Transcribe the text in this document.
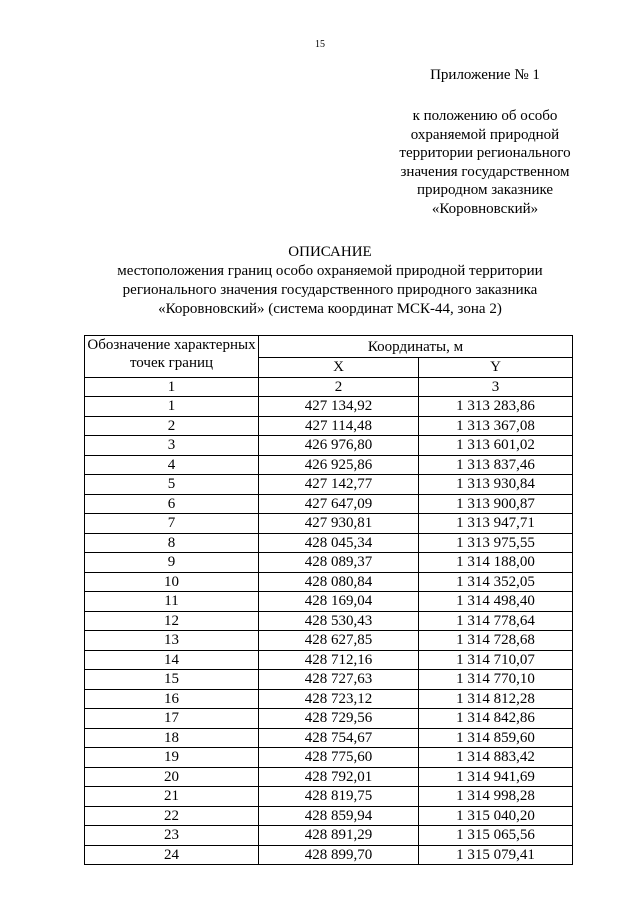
15
Приложение № 1
к положению об особо
охраняемой природной
территории регионального
значения государственном
природном заказнике
«Коровновский»
ОПИСАНИЕ
местоположения границ особо охраняемой природной территории
регионального значения государственного природного заказника
«Коровновский» (система координат МСК-44, зона 2)
Обозначение характерных точек границ	Координаты, м	
	X	Y
1	2	3
1	427 134,92	1 313 283,86
2	427 114,48	1 313 367,08
3	426 976,80	1 313 601,02
4	426 925,86	1 313 837,46
5	427 142,77	1 313 930,84
6	427 647,09	1 313 900,87
7	427 930,81	1 313 947,71
8	428 045,34	1 313 975,55
9	428 089,37	1 314 188,00
10	428 080,84	1 314 352,05
11	428 169,04	1 314 498,40
12	428 530,43	1 314 778,64
13	428 627,85	1 314 728,68
14	428 712,16	1 314 710,07
15	428 727,63	1 314 770,10
16	428 723,12	1 314 812,28
17	428 729,56	1 314 842,86
18	428 754,67	1 314 859,60
19	428 775,60	1 314 883,42
20	428 792,01	1 314 941,69
21	428 819,75	1 314 998,28
22	428 859,94	1 315 040,20
23	428 891,29	1 315 065,56
24	428 899,70	1 315 079,41
